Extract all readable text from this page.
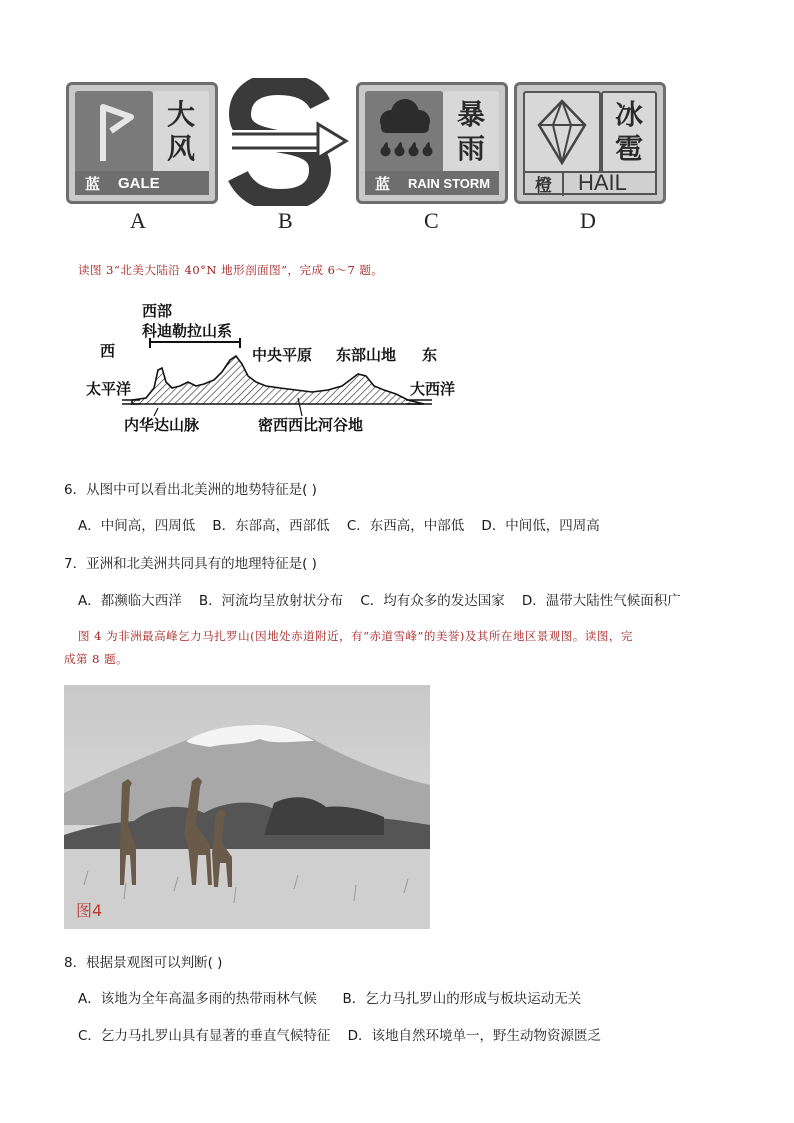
大
风
蓝 GALE
暴
雨
蓝 RAIN STORM
冰
雹
橙	HAIL
A	B	C	D
读图 3“北美大陆沿 40°N 地形剖面图”，完成 6～7 题。
西部
科迪勒拉山系
西	中央平原 东部山地 东
太平洋	大西洋
内华达山脉	密西西比河谷地
6．从图中可以看出北美洲的地势特征是( )
A．中间高，四周低    B．东部高，西部低    C．东西高，中部低    D．中间低，四周高
7．亚洲和北美洲共同具有的地理特征是( )
A．都濒临大西洋    B．河流均呈放射状分布    C．均有众多的发达国家    D．温带大陆性气候面积广
图 4 为非洲最高峰乞力马扎罗山(因地处赤道附近，有“赤道雪峰”的美誉)及其所在地区景观图。读图，完
成第 8 题。
图4
8．根据景观图可以判断( )
A．该地为全年高温多雨的热带雨林气候      B．乞力马扎罗山的形成与板块运动无关
C．乞力马扎罗山具有显著的垂直气候特征    D．该地自然环境单一，野生动物资源匮乏
